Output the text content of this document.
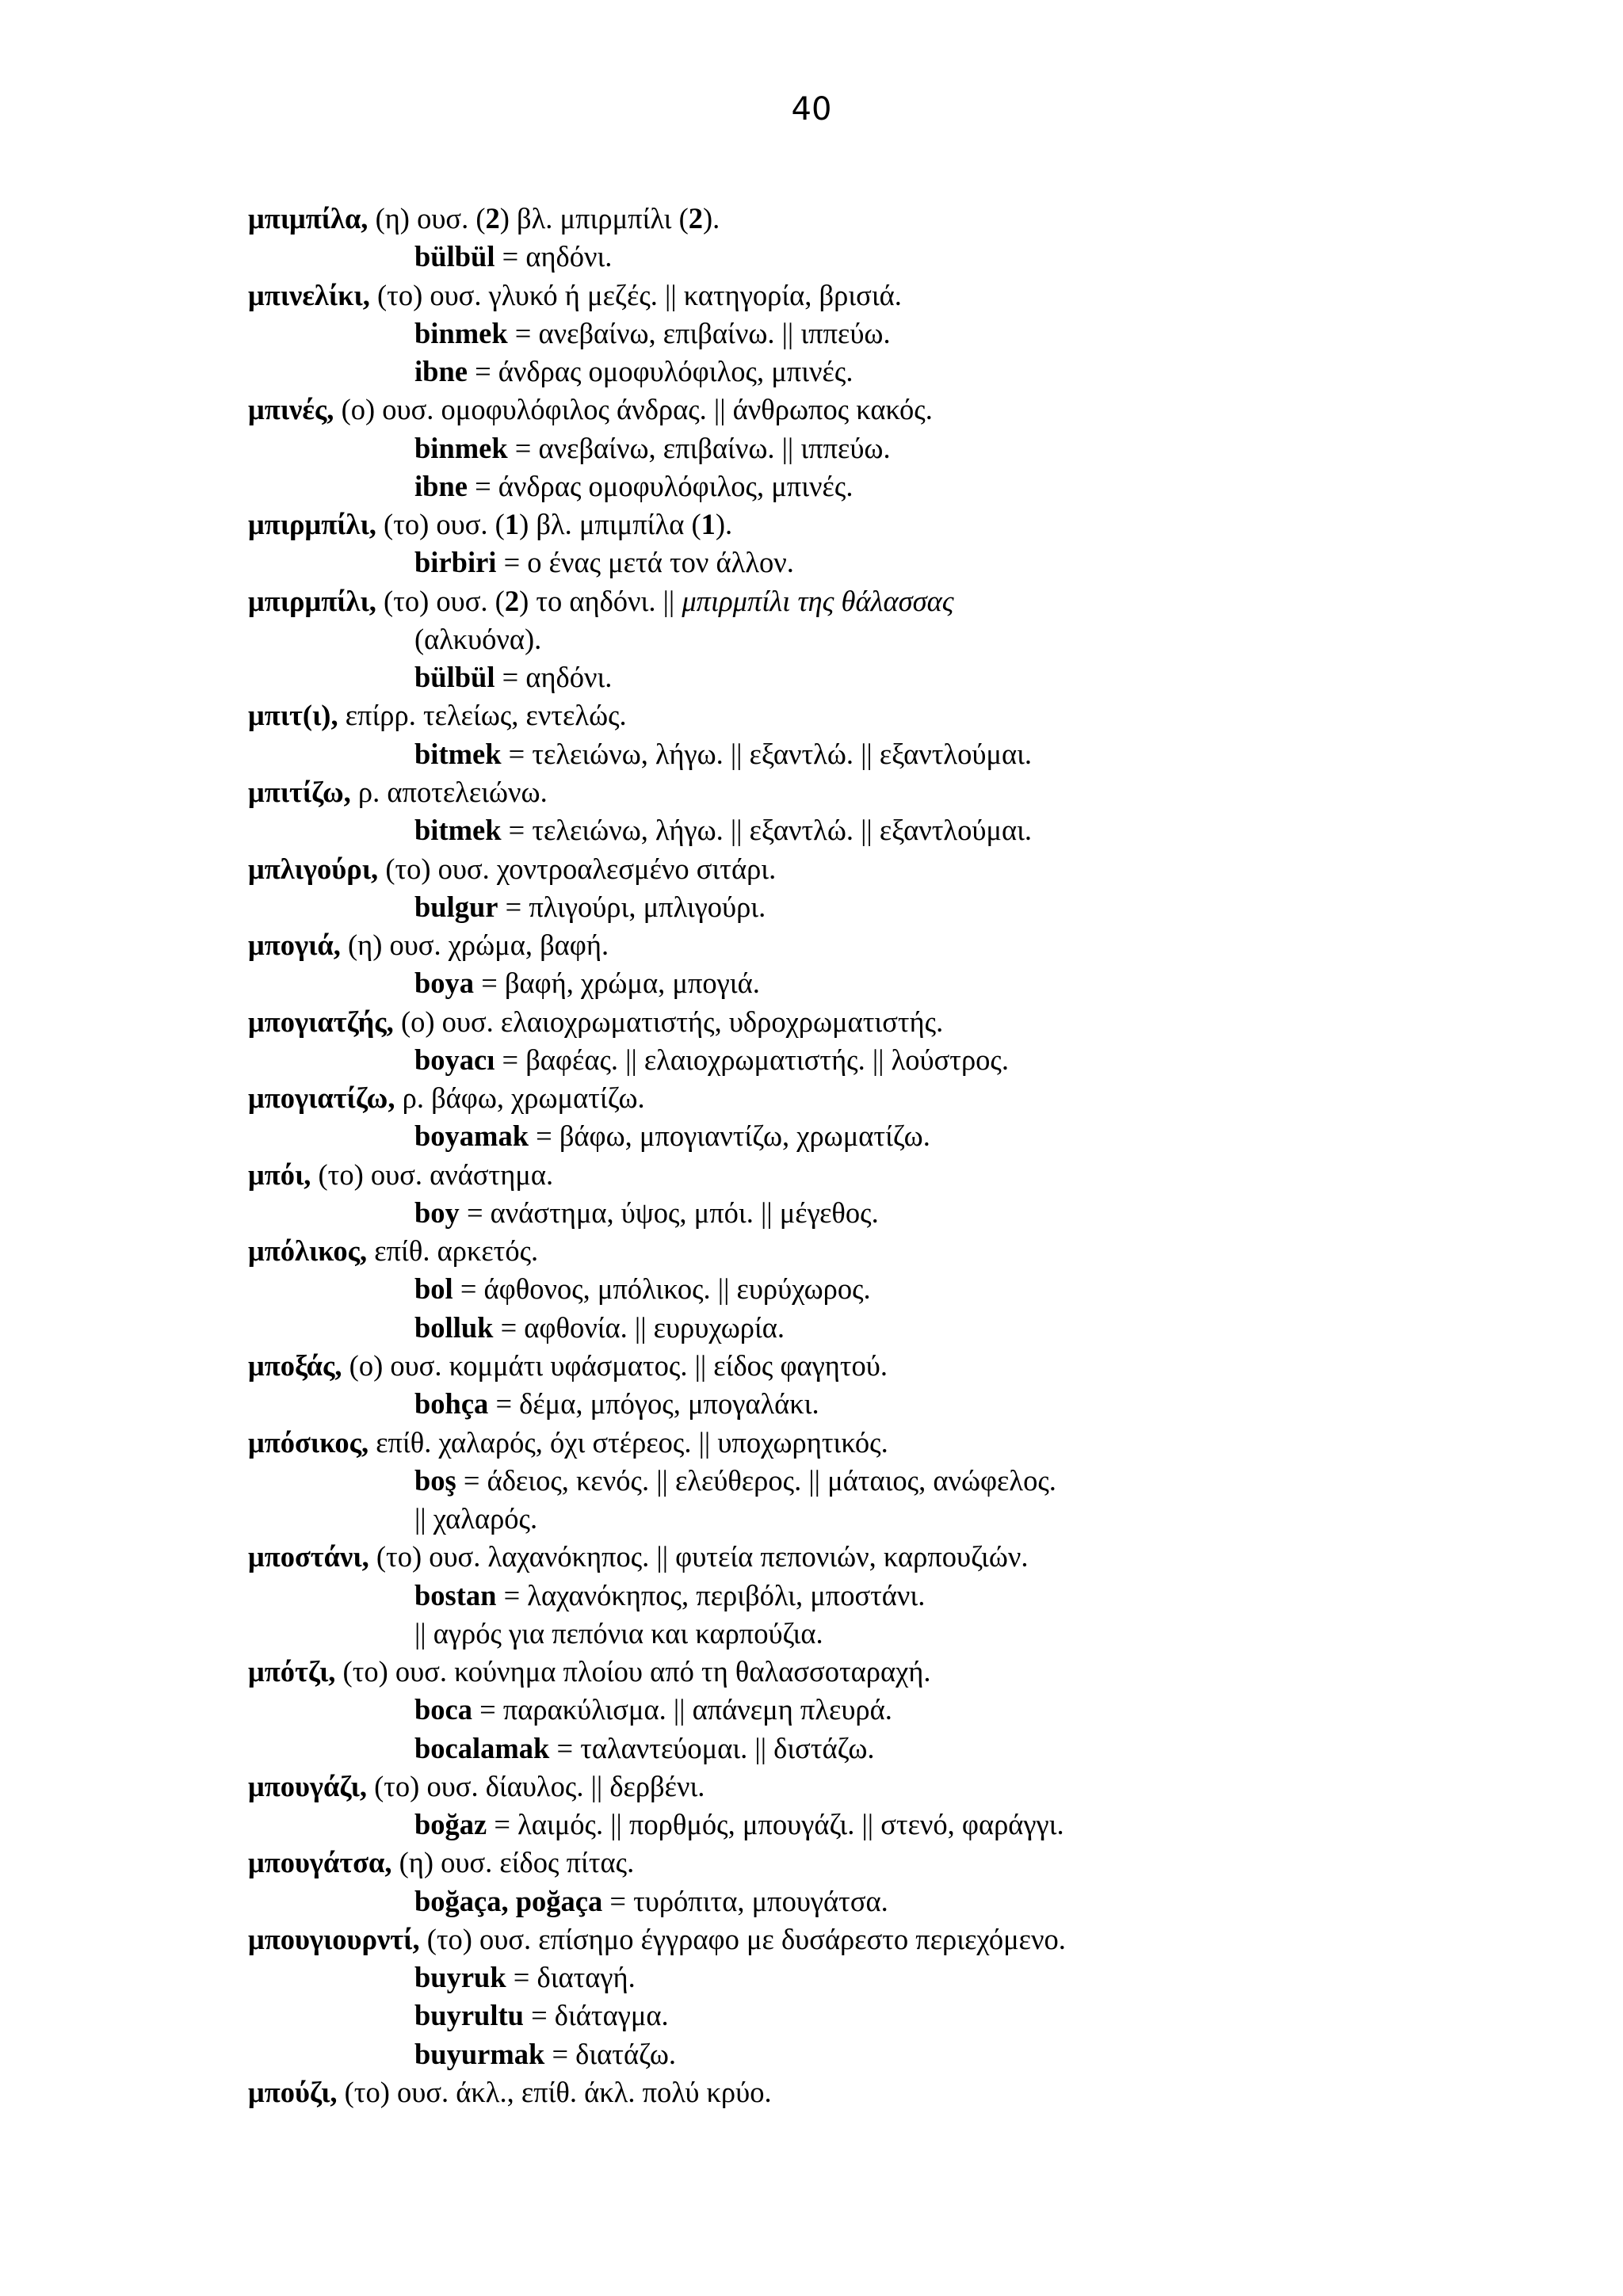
40
μπιμπίλα, (η) ουσ. (2) βλ. μπιρμπίλι (2).
bülbül = αηδόνι.
μπινελίκι, (το) ουσ. γλυκό ή μεζές. || κατηγορία, βρισιά.
binmek = ανεβαίνω, επιβαίνω. || ιππεύω.
ibne = άνδρας ομοφυλόφιλος, μπινές.
μπινές, (ο) ουσ. ομοφυλόφιλος άνδρας. || άνθρωπος κακός.
binmek = ανεβαίνω, επιβαίνω. || ιππεύω.
ibne = άνδρας ομοφυλόφιλος, μπινές.
μπιρμπίλι, (το) ουσ. (1) βλ. μπιμπίλα (1).
birbiri = ο ένας μετά τον άλλον.
μπιρμπίλι, (το) ουσ. (2) το αηδόνι. || μπιρμπίλι της θάλασσας
(αλκυόνα).
bülbül = αηδόνι.
μπιτ(ι), επίρρ. τελείως, εντελώς.
bitmek = τελειώνω, λήγω. || εξαντλώ. || εξαντλούμαι.
μπιτίζω, ρ. αποτελειώνω.
bitmek = τελειώνω, λήγω. || εξαντλώ. || εξαντλούμαι.
μπλιγούρι, (το) ουσ. χοντροαλεσμένο σιτάρι.
bulgur = πλιγούρι, μπλιγούρι.
μπογιά, (η) ουσ. χρώμα, βαφή.
boya = βαφή, χρώμα, μπογιά.
μπογιατζής, (ο) ουσ. ελαιοχρωματιστής, υδροχρωματιστής.
boyacı = βαφέας. || ελαιοχρωματιστής. || λούστρος.
μπογιατίζω, ρ. βάφω, χρωματίζω.
boyamak = βάφω, μπογιαντίζω, χρωματίζω.
μπόι, (το) ουσ. ανάστημα.
boy = ανάστημα, ύψος, μπόι. || μέγεθος.
μπόλικος, επίθ. αρκετός.
bol = άφθονος, μπόλικος. || ευρύχωρος.
bolluk = αφθονία. || ευρυχωρία.
μποξάς, (ο) ουσ. κομμάτι υφάσματος. || είδος φαγητού.
bohça = δέμα, μπόγος, μπογαλάκι.
μπόσικος, επίθ. χαλαρός, όχι στέρεος. || υποχωρητικός.
boş = άδειος, κενός. || ελεύθερος. || μάταιος, ανώφελος.
|| χαλαρός.
μποστάνι, (το) ουσ. λαχανόκηπος. || φυτεία πεπονιών, καρπουζιών.
bostan = λαχανόκηπος, περιβόλι, μποστάνι.
|| αγρός για πεπόνια και καρπούζια.
μπότζι, (το) ουσ. κούνημα πλοίου από τη θαλασσοταραχή.
boca = παρακύλισμα. || απάνεμη πλευρά.
bocalamak = ταλαντεύομαι. || διστάζω.
μπουγάζι, (το) ουσ. δίαυλος. || δερβένι.
boğaz = λαιμός. || πορθμός, μπουγάζι. || στενό, φαράγγι.
μπουγάτσα, (η) ουσ. είδος πίτας.
boğaça, poğaça = τυρόπιτα, μπουγάτσα.
μπουγιουρντί, (το) ουσ. επίσημο έγγραφο με δυσάρεστο περιεχόμενο.
buyruk = διαταγή.
buyrultu = διάταγμα.
buyurmak = διατάζω.
μπούζι, (το) ουσ. άκλ., επίθ. άκλ. πολύ κρύο.
